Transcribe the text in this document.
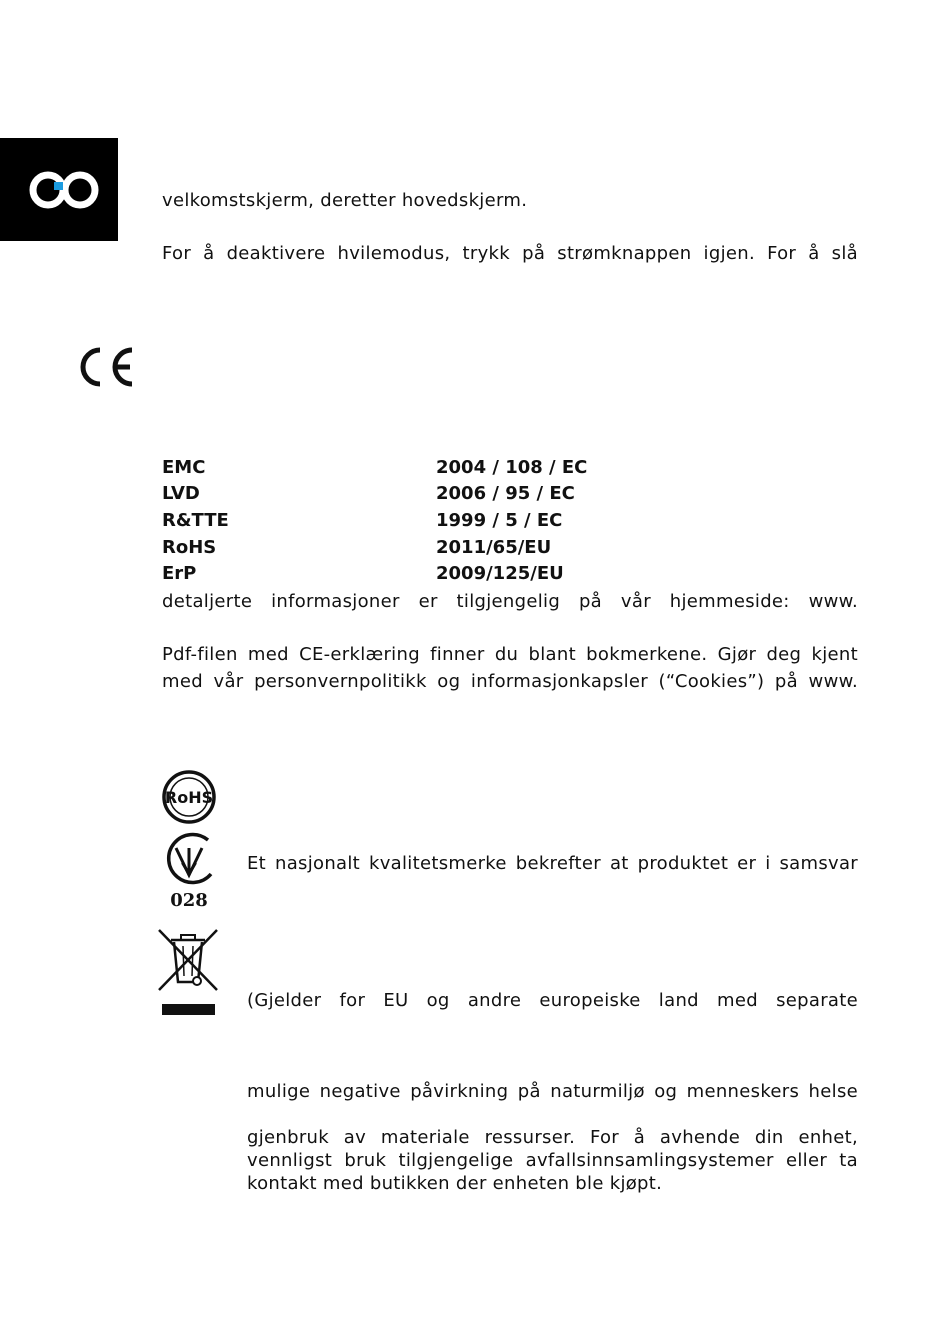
velkomstskjerm, deretter hovedskjerm.
For å deaktivere hvilemodus, trykk på strømknappen igjen. For å slå
EMC	2004 / 108 / EC
LVD	2006 / 95 / EC
R&TTE	1999 / 5 / EC
RoHS	2011/65/EU
ErP	2009/125/EU
detaljerte informasjoner er tilgjengelig på vår hjemmeside: www.
Pdf-filen med CE-erklæring finner du blant bokmerkene. Gjør deg kjent
med vår personvernpolitikk og informasjonkapsler (“Cookies”) på www.
RoHS
028
Et nasjonalt kvalitetsmerke bekrefter at produktet er i samsvar
(Gjelder for EU og andre europeiske land med separate
mulige negative påvirkning på naturmiljø og menneskers helse
gjenbruk av materiale ressurser. For å avhende din enhet,
vennligst bruk tilgjengelige avfallsinnsamlingsystemer eller ta
kontakt med butikken der enheten ble kjøpt.
